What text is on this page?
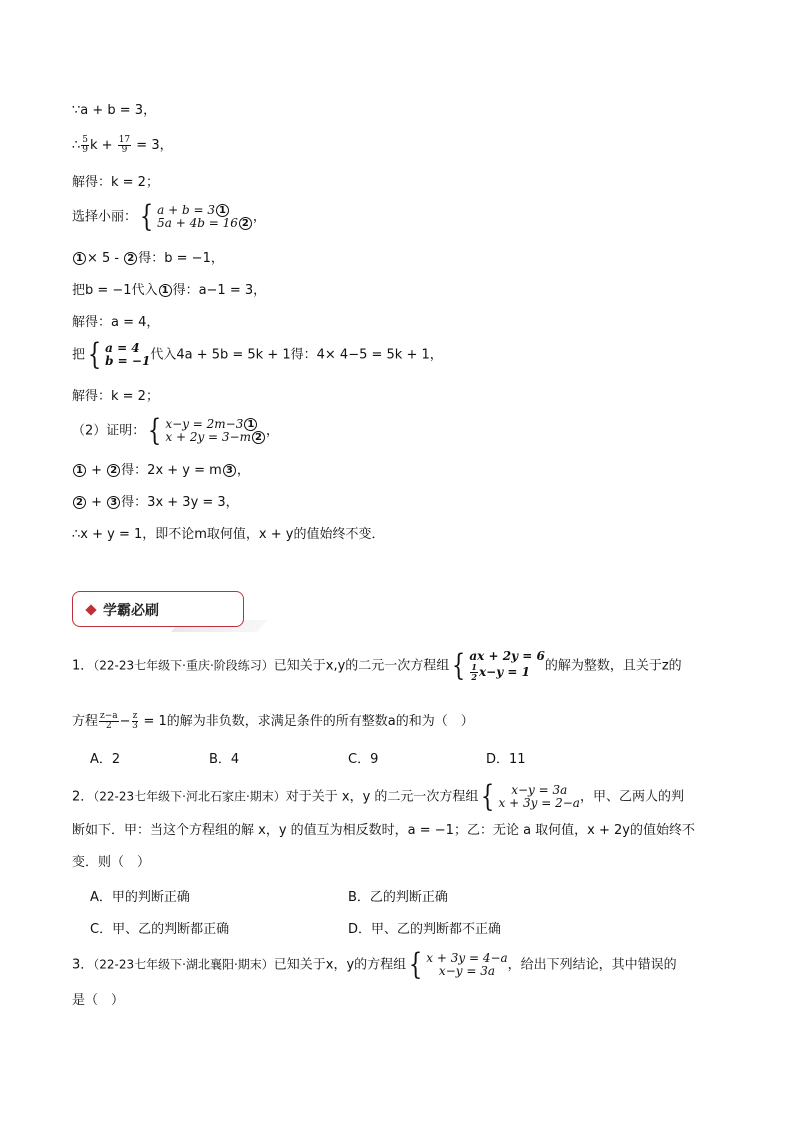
∵a + b = 3，
∴ $\frac{5}{9}$ $k + \frac{17}{9} = 3$，
解得：k = 2；
选择小丽： { a + b = 3 1
5a + 4b = 16 2 ，
1 × 5 - 2 得：b = −1，
把b = −1代入 1 得：a−1 = 3，
解得：a = 4，
把 { a = 4
b = −1 代入4a + 5b = 5k + 1得：4× 4−5 = 5k + 1，
解得：k = 2；
（2）证明： { x−y = 2m−3 1
x + 2y = 3−m 2 ，
1 + 2 得：2x + y = m 3 ，
2 + 3 得：3x + 3y = 3，
∴x + y = 1，即不论m取何值，x + y的值始终不变．
学霸必刷
1．（22-23七年级下·重庆·阶段练习）已知关于x,y的二元一次方程组 { ax + 2y = 6
$\frac{1}{2} x-y = 1$	的解为整数，且关于z的
方程 $\frac{z-a}{2} - \frac{z}{3} = 1$的解为非负数，求满足条件的所有整数a的和为（　）
A．2	B．4	C．9	D．11
2．（22-23七年级下·河北石家庄·期末）对于关于 x，y 的二元一次方程组 {	x−y = 3a
x + 3y = 2−a ，甲、乙两人的判
断如下．甲：当这个方程组的解 x，y 的值互为相反数时，a = −1；乙：无论 a 取何值，x + 2y的值始终不
变．则（　）
A．甲的判断正确	B．乙的判断正确
C．甲、乙的判断都正确	D．甲、乙的判断都不正确
3．（22-23七年级下·湖北襄阳·期末）已知关于x，y的方程组 { x + 3y = 4−a
x−y = 3a ，给出下列结论，其中错误的
是（　）
